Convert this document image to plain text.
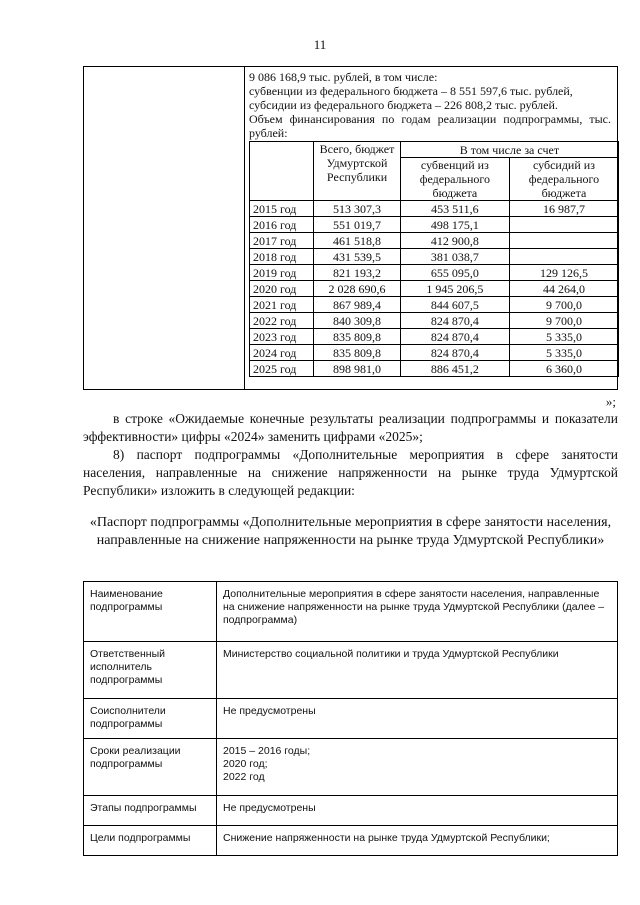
11

9 086 168,9 тыс. рублей, в том числе:

субвенции из федерального бюджета – 8 551 597,6 тыс. рублей,

субсидии из федерального бюджета – 226 808,2 тыс. рублей.

Объем финансирования по годам реализации подпрограммы, тыс. рублей:

	Всего, бюджет Удмуртской Республики	В том числе за счет	
		субвенций из федерального бюджета	субсидий из федерального бюджета
2015 год	513 307,3	453 511,6	16 987,7
2016 год	551 019,7	498 175,1	
2017 год	461 518,8	412 900,8	
2018 год	431 539,5	381 038,7	
2019 год	821 193,2	655 095,0	129 126,5
2020 год	2 028 690,6	1 945 206,5	44 264,0
2021 год	867 989,4	844 607,5	9 700,0
2022 год	840 309,8	824 870,4	9 700,0
2023 год	835 809,8	824 870,4	5 335,0
2024 год	835 809,8	824 870,4	5 335,0
2025 год	898 981,0	886 451,2	6 360,0
»;
в строке «Ожидаемые конечные результаты реализации подпрограммы и показатели эффективности» цифры «2024» заменить цифрами «2025»;
8) паспорт подпрограммы «Дополнительные мероприятия в сфере занятости населения, направленные на снижение напряженности на рынке труда Удмуртской Республики» изложить в следующей редакции:
«Паспорт подпрограммы «Дополнительные мероприятия в сфере занятости населения, направленные на снижение напряженности на рынке труда Удмуртской Республики»
Наименование подпрограммы	Дополнительные мероприятия в сфере занятости населения, направленные на снижение напряженности на рынке труда Удмуртской Республики (далее – подпрограмма)
Ответственный исполнитель подпрограммы	Министерство социальной политики и труда Удмуртской Республики
Соисполнители подпрограммы	Не предусмотрены
Сроки реализации подпрограммы	2015 – 2016 годы;
2020 год;
2022 год
Этапы подпрограммы	Не предусмотрены
Цели подпрограммы	Снижение напряженности на рынке труда Удмуртской Республики;
